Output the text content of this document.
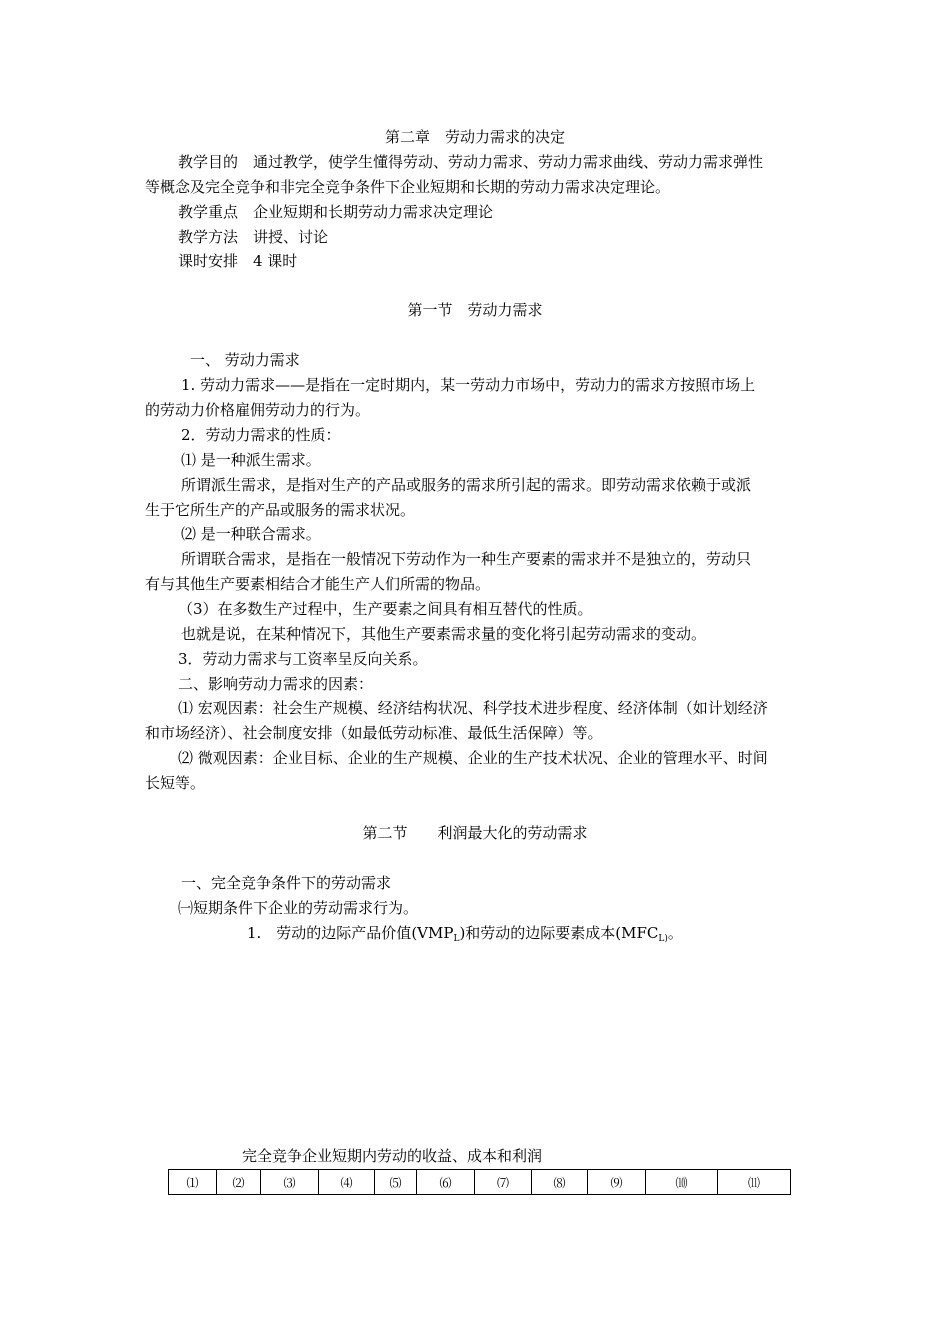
第二章　劳动力需求的决定
教学目的　通过教学，使学生懂得劳动、劳动力需求、劳动力需求曲线、劳动力需求弹性
等概念及完全竞争和非完全竞争条件下企业短期和长期的劳动力需求决定理论。
教学重点　企业短期和长期劳动力需求决定理论
教学方法　讲授、讨论
课时安排　4 课时
第一节　劳动力需求
一、 劳动力需求
1. 劳动力需求——是指在一定时期内，某一劳动力市场中，劳动力的需求方按照市场上
的劳动力价格雇佣劳动力的行为。
2．劳动力需求的性质：
⑴ 是一种派生需求。
所谓派生需求，是指对生产的产品或服务的需求所引起的需求。即劳动需求依赖于或派
生于它所生产的产品或服务的需求状况。
⑵ 是一种联合需求。
所谓联合需求，是指在一般情况下劳动作为一种生产要素的需求并不是独立的，劳动只
有与其他生产要素相结合才能生产人们所需的物品。
（3）在多数生产过程中，生产要素之间具有相互替代的性质。
也就是说，在某种情况下，其他生产要素需求量的变化将引起劳动需求的变动。
3．劳动力需求与工资率呈反向关系。
二、影响劳动力需求的因素：
⑴ 宏观因素：社会生产规模、经济结构状况、科学技术进步程度、经济体制（如计划经济
和市场经济）、社会制度安排（如最低劳动标准、最低生活保障）等。
⑵ 微观因素：企业目标、企业的生产规模、企业的生产技术状况、企业的管理水平、时间
长短等。
第二节　　利润最大化的劳动需求
一、完全竞争条件下的劳动需求
㈠短期条件下企业的劳动需求行为。
1.　劳动的边际产品价值$(VMP_L)$和劳动的边际要素成本($MFC_{L)}$。
完全竞争企业短期内劳动的收益、成本和利润
⑴	⑵	⑶	⑷	⑸	⑹	⑺	⑻	⑼	⑽	⑾
